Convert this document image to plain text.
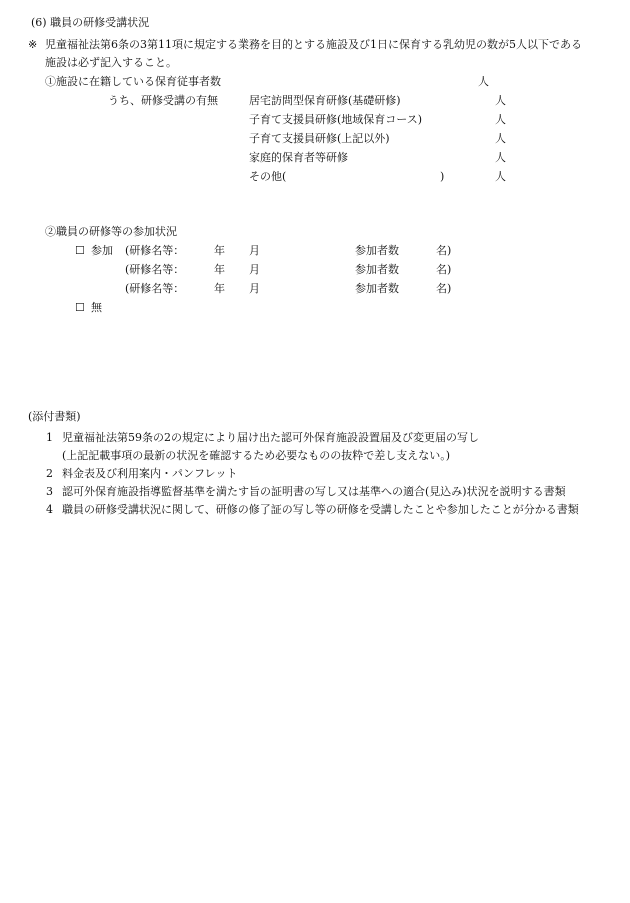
(6) 職員の研修受講状況
※ 児童福祉法第6条の3第11項に規定する業務を目的とする施設及び1日に保育する乳幼児の数が5人以下である
施設は必ず記入すること。
①施設に在籍している保育従事者数	人
うち、研修受講の有無	居宅訪問型保育研修(基礎研修)	人
子育て支援員研修(地域保育コース)	人
子育て支援員研修(上記以外)	人
家庭的保育者等研修	人
その他(	)	人
②職員の研修等の参加状況
☐ 参加 (研修名等：	年 月	参加者数	名)
(研修名等：	年 月	参加者数	名)
(研修名等：	年 月	参加者数	名)
☐ 無
(添付書類)
1 児童福祉法第59条の2の規定により届け出た認可外保育施設設置届及び変更届の写し
(上記記載事項の最新の状況を確認するため必要なものの抜粋で差し支えない。)
2 料金表及び利用案内・パンフレット
3 認可外保育施設指導監督基準を満たす旨の証明書の写し又は基準への適合(見込み)状況を説明する書類
4 職員の研修受講状況に関して、研修の修了証の写し等の研修を受講したことや参加したことが分かる書類
